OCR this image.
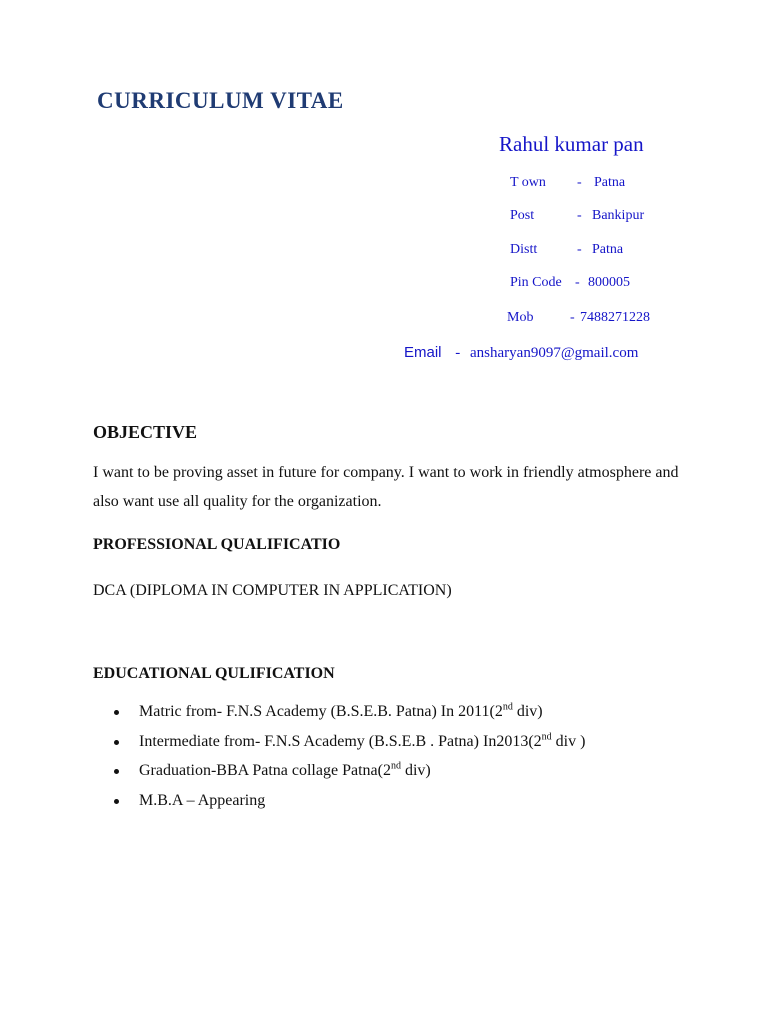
CURRICULUM VITAE
Rahul kumar pan
T own - Patna
Post	- Bankipur
Distt	- Patna
Pin Code - 800005
Mob	- 7488271228
Email - ansharyan9097@gmail.com
OBJECTIVE
I want to be proving asset in future for company. I want to work in friendly atmosphere and also want use all quality for the organization.
PROFESSIONAL QUALIFICATIO
DCA (DIPLOMA IN COMPUTER IN APPLICATION)
EDUCATIONAL QULIFICATION
Matric from- F.N.S Academy (B.S.E.B. Patna) In 2011(2nd div)
Intermediate from- F.N.S Academy (B.S.E.B . Patna) In2013(2nd div )
Graduation-BBA Patna collage Patna(2nd div)
M.B.A – Appearing
